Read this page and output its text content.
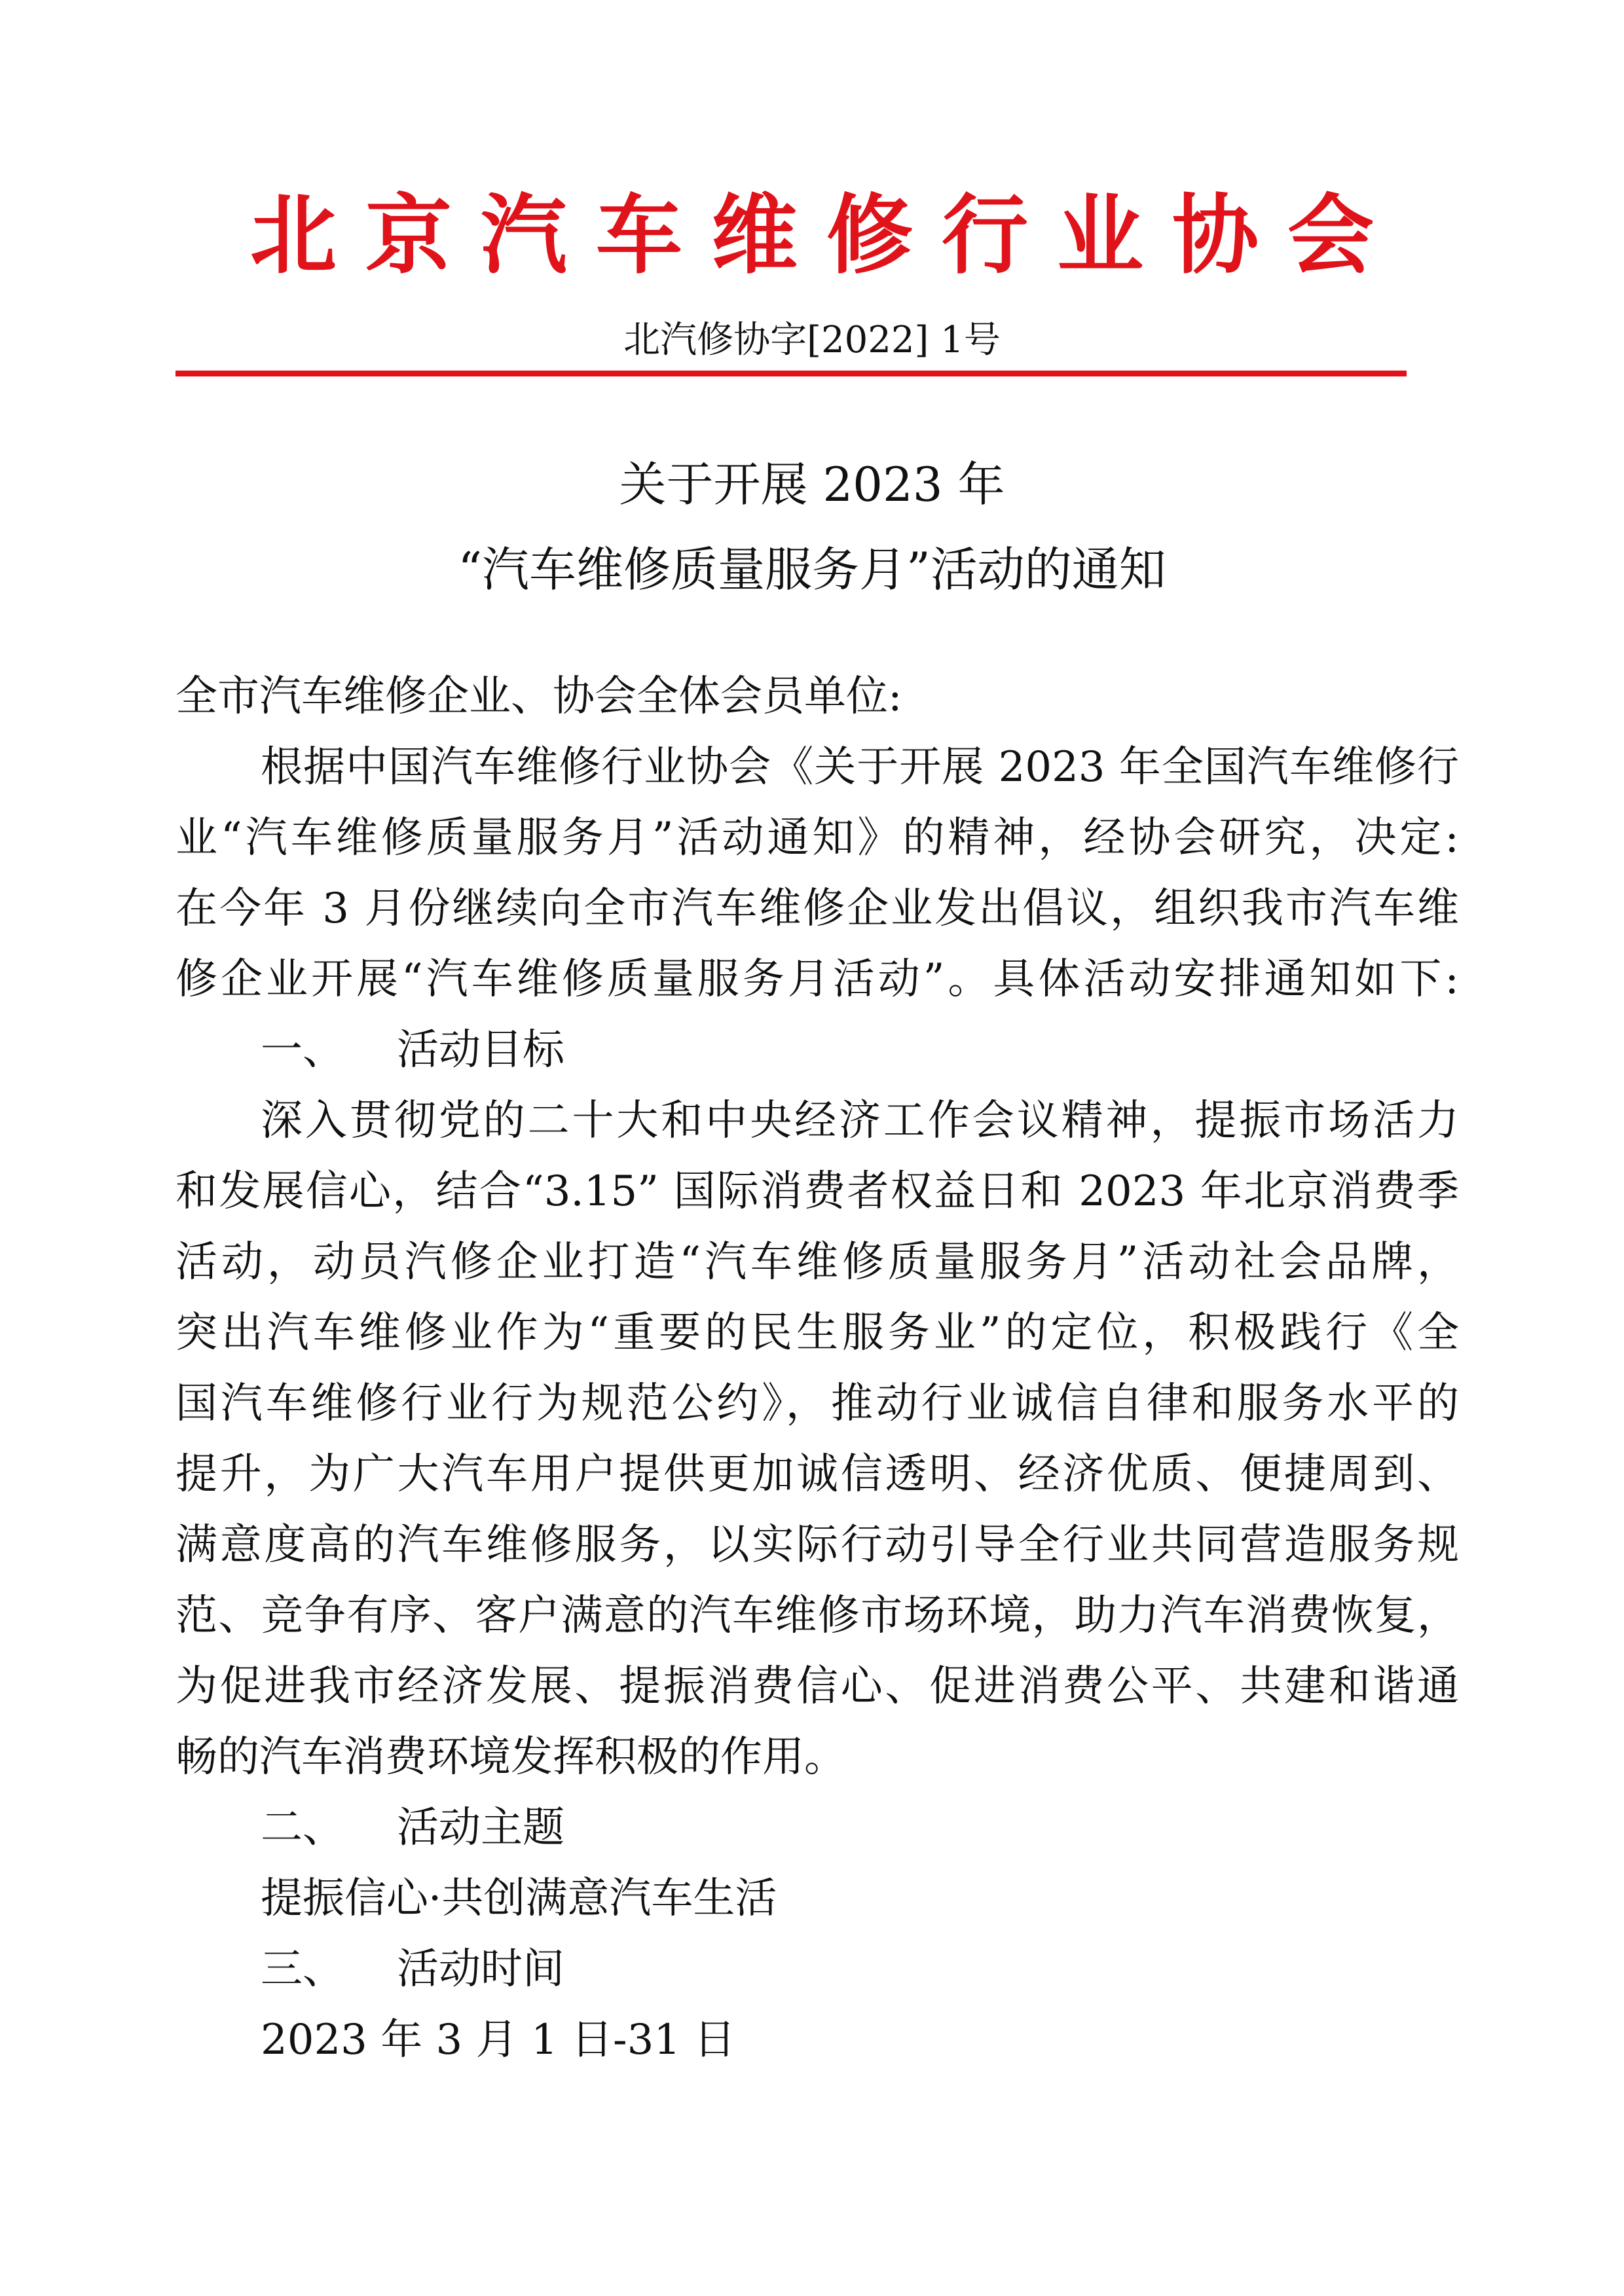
北京汽车维修行业协会
北汽修协字[2022] 1号
关于开展 2023 年
“汽车维修质量服务月”活动的通知
全市汽车维修企业、协会全体会员单位:
根据中国汽车维修行业协会《关于开展 2023 年全国汽车维修行
业“汽车维修质量服务月”活动通知》的精神，经协会研究，决定:
在今年 3 月份继续向全市汽车维修企业发出倡议，组织我市汽车维
修企业开展“汽车维修质量服务月活动”。具体活动安排通知如下:
一、 活动目标
深入贯彻党的二十大和中央经济工作会议精神，提振市场活力
和发展信心，结合“3.15” 国际消费者权益日和 2023 年北京消费季
活动，动员汽修企业打造“汽车维修质量服务月”活动社会品牌，
突出汽车维修业作为“重要的民生服务业”的定位，积极践行《全
国汽车维修行业行为规范公约》，推动行业诚信自律和服务水平的
提升，为广大汽车用户提供更加诚信透明、经济优质、便捷周到、
满意度高的汽车维修服务，以实际行动引导全行业共同营造服务规
范、竞争有序、客户满意的汽车维修市场环境，助力汽车消费恢复，
为促进我市经济发展、提振消费信心、促进消费公平、共建和谐通
畅的汽车消费环境发挥积极的作用。
二、 活动主题
提振信心·共创满意汽车生活
三、 活动时间
2023 年 3 月 1 日-31 日
